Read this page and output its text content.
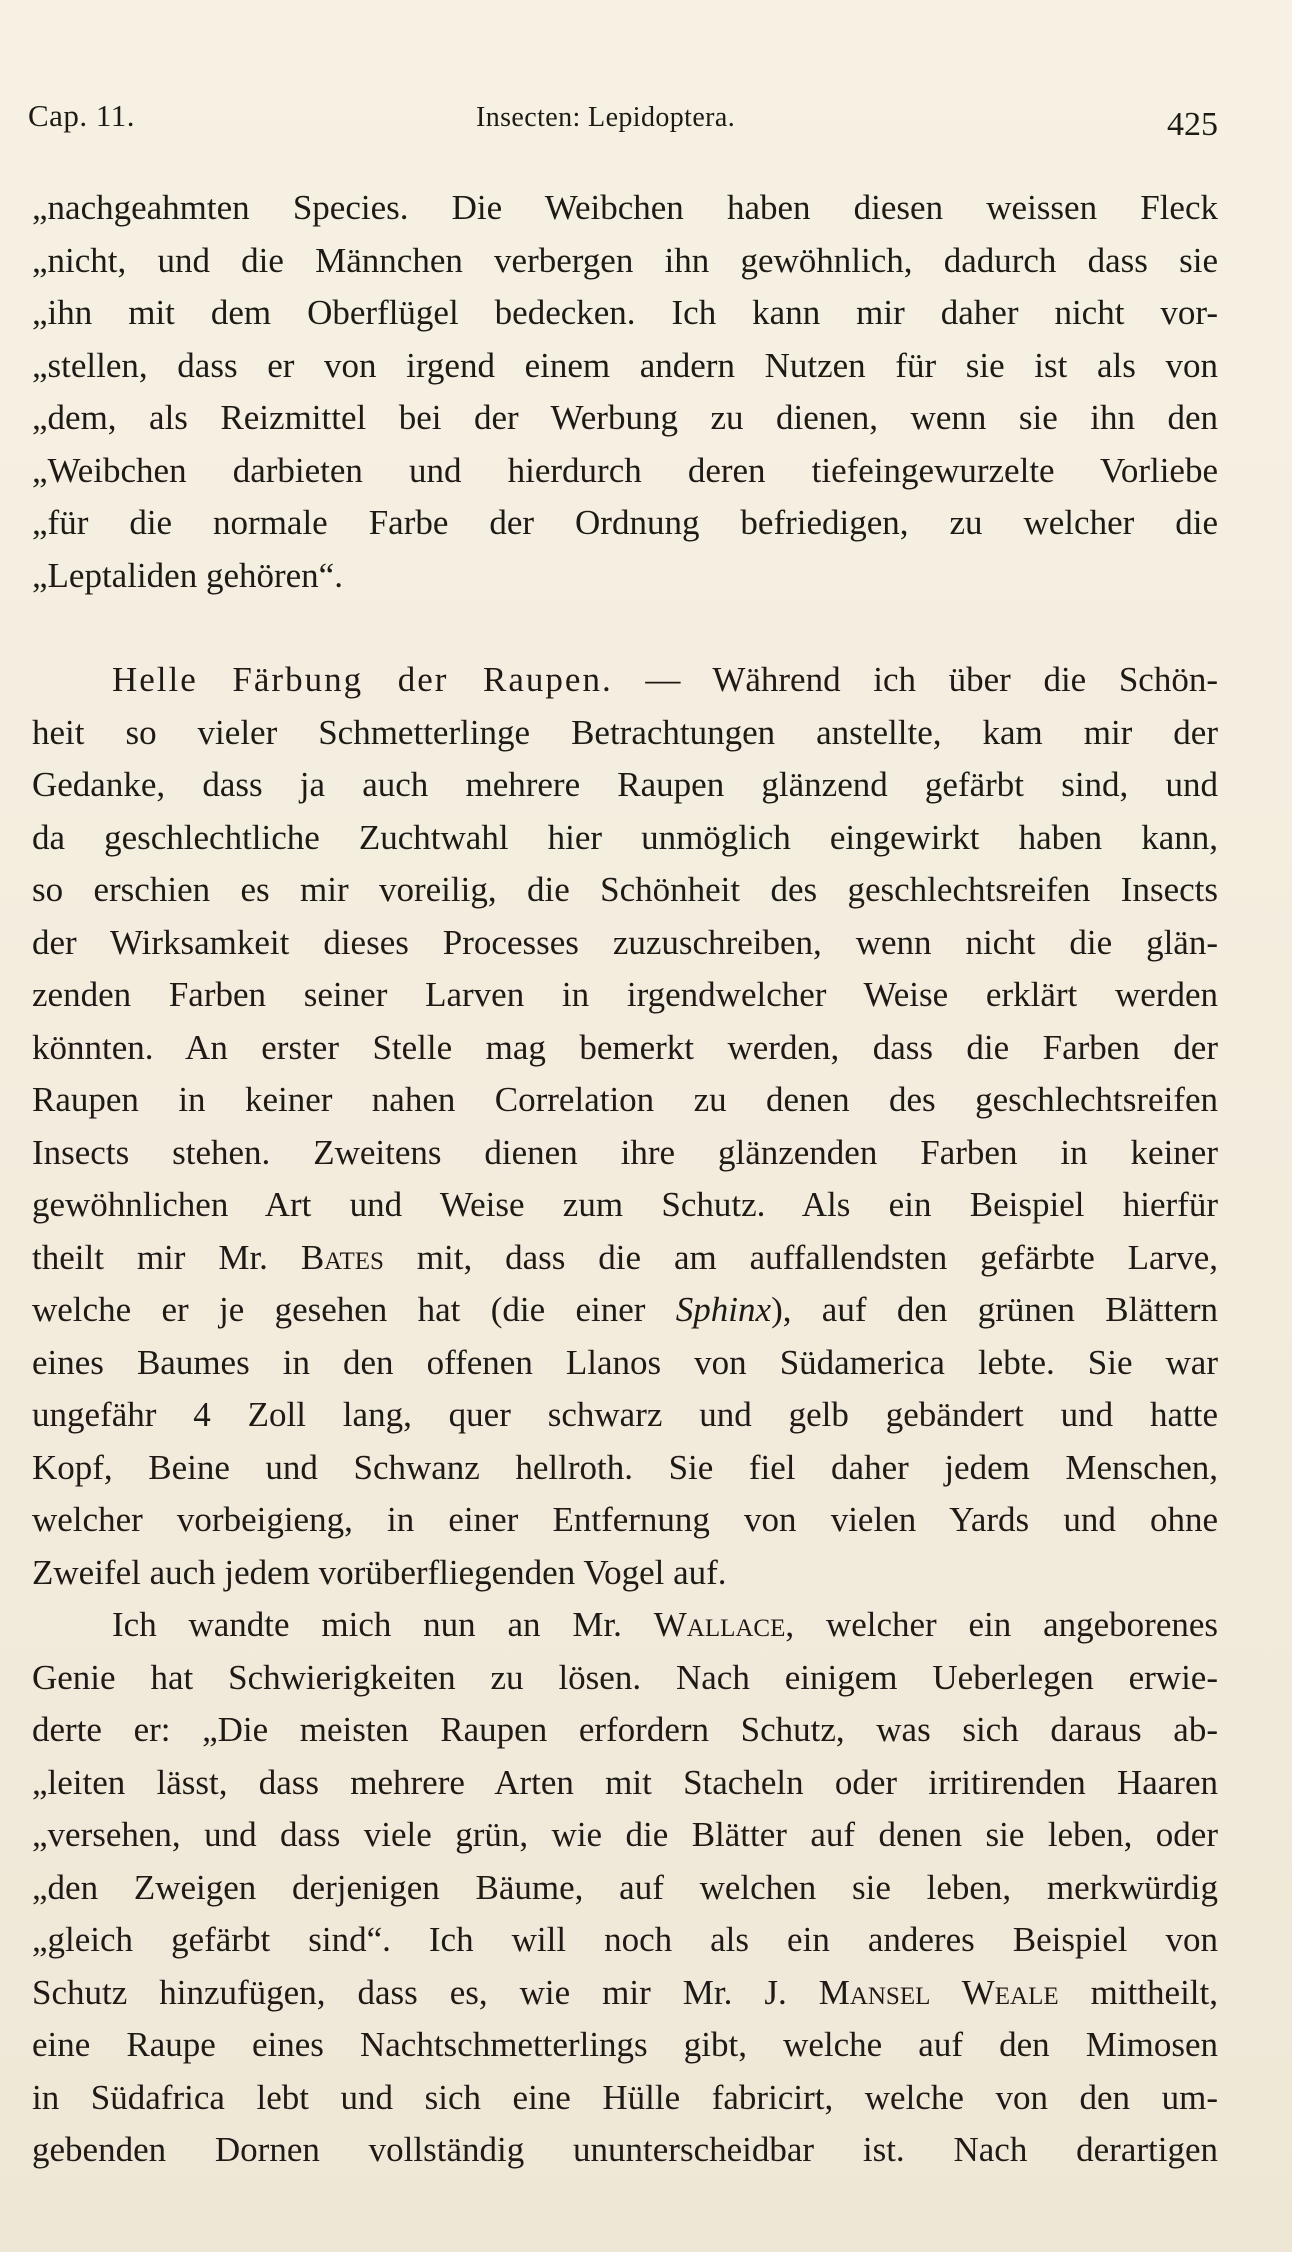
Cap. 11.	Insecten: Lepidoptera.	425
„nachgeahmten Species. Die Weibchen haben diesen weissen Fleck
„nicht, und die Männchen verbergen ihn gewöhnlich, dadurch dass sie
„ihn mit dem Oberflügel bedecken. Ich kann mir daher nicht vor-
„stellen, dass er von irgend einem andern Nutzen für sie ist als von
„dem, als Reizmittel bei der Werbung zu dienen, wenn sie ihn den
„Weibchen darbieten und hierdurch deren tiefeingewurzelte Vorliebe
„für die normale Farbe der Ordnung befriedigen, zu welcher die
„Leptaliden gehören“.
Helle Färbung der Raupen. — Während ich über die Schön-
heit so vieler Schmetterlinge Betrachtungen anstellte, kam mir der
Gedanke, dass ja auch mehrere Raupen glänzend gefärbt sind, und
da geschlechtliche Zuchtwahl hier unmöglich eingewirkt haben kann,
so erschien es mir voreilig, die Schönheit des geschlechtsreifen Insects
der Wirksamkeit dieses Processes zuzuschreiben, wenn nicht die glän-
zenden Farben seiner Larven in irgendwelcher Weise erklärt werden
könnten. An erster Stelle mag bemerkt werden, dass die Farben der
Raupen in keiner nahen Correlation zu denen des geschlechtsreifen
Insects stehen. Zweitens dienen ihre glänzenden Farben in keiner
gewöhnlichen Art und Weise zum Schutz. Als ein Beispiel hierfür
theilt mir Mr. Bates mit, dass die am auffallendsten gefärbte Larve,
welche er je gesehen hat (die einer Sphinx), auf den grünen Blättern
eines Baumes in den offenen Llanos von Südamerica lebte. Sie war
ungefähr 4 Zoll lang, quer schwarz und gelb gebändert und hatte
Kopf, Beine und Schwanz hellroth. Sie fiel daher jedem Menschen,
welcher vorbeigieng, in einer Entfernung von vielen Yards und ohne
Zweifel auch jedem vorüberfliegenden Vogel auf.
Ich wandte mich nun an Mr. Wallace, welcher ein angeborenes
Genie hat Schwierigkeiten zu lösen. Nach einigem Ueberlegen erwie-
derte er: „Die meisten Raupen erfordern Schutz, was sich daraus ab-
„leiten lässt, dass mehrere Arten mit Stacheln oder irritirenden Haaren
„versehen, und dass viele grün, wie die Blätter auf denen sie leben, oder
„den Zweigen derjenigen Bäume, auf welchen sie leben, merkwürdig
„gleich gefärbt sind“. Ich will noch als ein anderes Beispiel von
Schutz hinzufügen, dass es, wie mir Mr. J. Mansel Weale mittheilt,
eine Raupe eines Nachtschmetterlings gibt, welche auf den Mimosen
in Südafrica lebt und sich eine Hülle fabricirt, welche von den um-
gebenden Dornen vollständig ununterscheidbar ist. Nach derartigen
